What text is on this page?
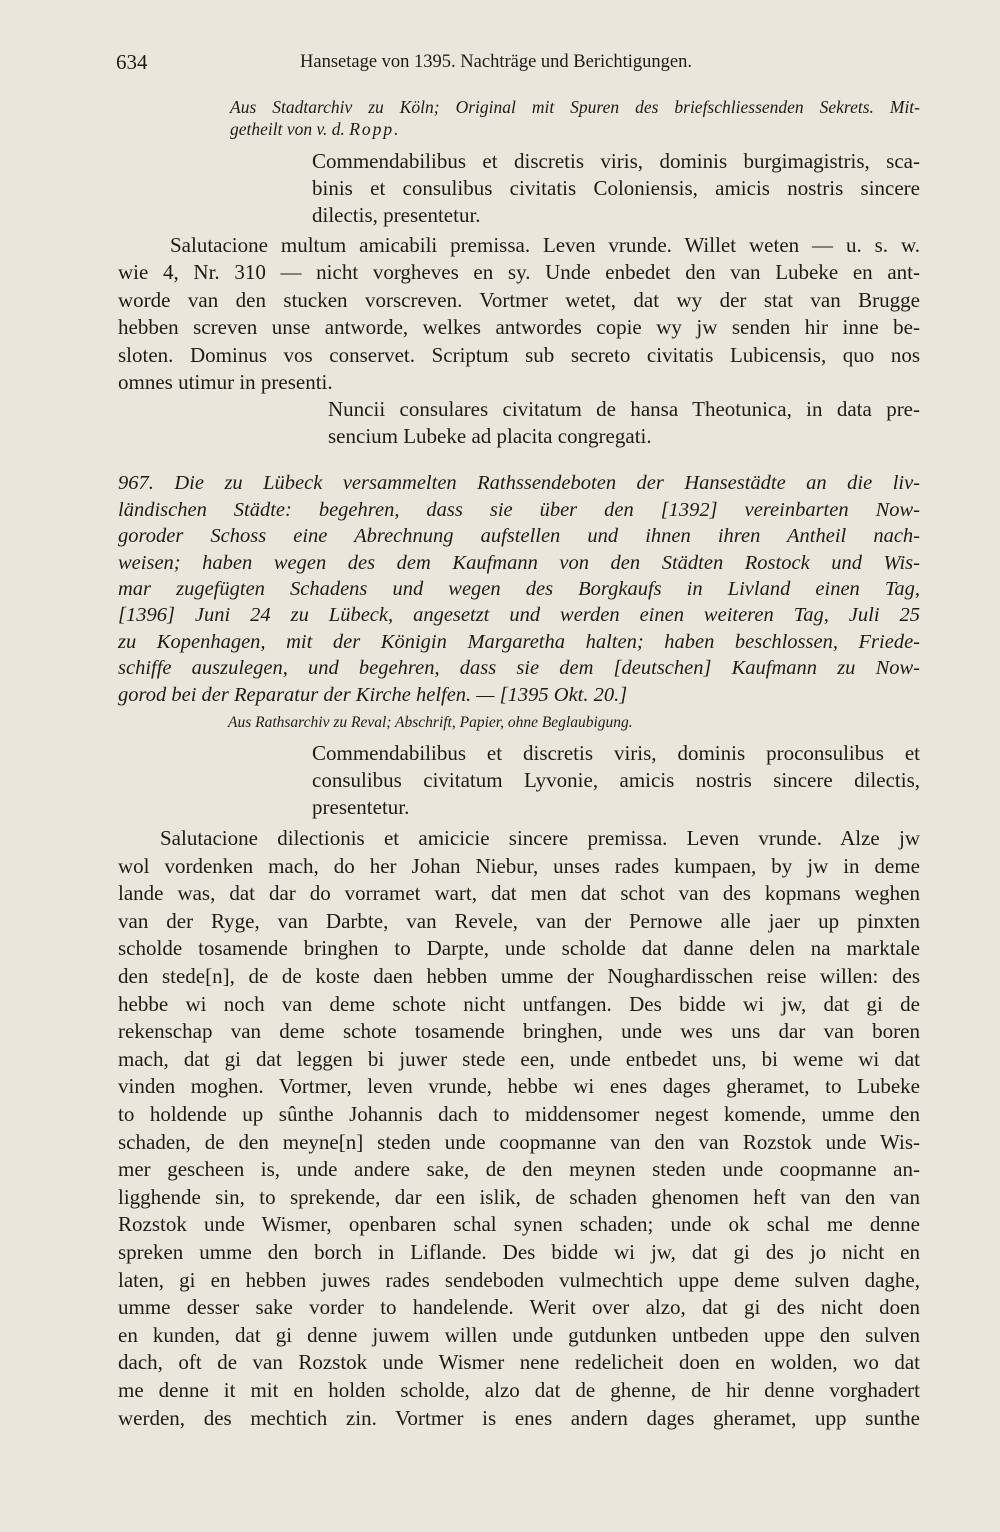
634	Hansetage von 1395. Nachträge und Berichtigungen.

Aus Stadtarchiv zu Köln; Original mit Spuren des briefschliessenden Sekrets. Mit-

getheilt von v. d. Ropp.

Commendabilibus et discretis viris, dominis burgimagistris, sca-

binis et consulibus civitatis Coloniensis, amicis nostris sincere

dilectis, presentetur.

Salutacione multum amicabili premissa. Leven vrunde. Willet weten — u. s. w.

wie 4, Nr. 310 — nicht vorgheves en sy. Unde enbedet den van Lubeke en ant-

worde van den stucken vorscreven. Vortmer wetet, dat wy der stat van Brugge

hebben screven unse antworde, welkes antwordes copie wy jw senden hir inne be-

sloten. Dominus vos conservet. Scriptum sub secreto civitatis Lubicensis, quo nos

omnes utimur in presenti.

Nuncii consulares civitatum de hansa Theotunica, in data pre-

sencium Lubeke ad placita congregati.

967. Die zu Lübeck versammelten Rathssendeboten der Hansestädte an die liv-

ländischen Städte: begehren, dass sie über den [1392] vereinbarten Now-

goroder Schoss eine Abrechnung aufstellen und ihnen ihren Antheil nach-

weisen; haben wegen des dem Kaufmann von den Städten Rostock und Wis-

mar zugefügten Schadens und wegen des Borgkaufs in Livland einen Tag,

[1396] Juni 24 zu Lübeck, angesetzt und werden einen weiteren Tag, Juli 25

zu Kopenhagen, mit der Königin Margaretha halten; haben beschlossen, Friede-

schiffe auszulegen, und begehren, dass sie dem [deutschen] Kaufmann zu Now-

gorod bei der Reparatur der Kirche helfen. — [1395 Okt. 20.]

Aus Rathsarchiv zu Reval; Abschrift, Papier, ohne Beglaubigung.

Commendabilibus et discretis viris, dominis proconsulibus et

consulibus civitatum Lyvonie, amicis nostris sincere dilectis,

presentetur.

Salutacione dilectionis et amicicie sincere premissa. Leven vrunde. Alze jw

wol vordenken mach, do her Johan Niebur, unses rades kumpaen, by jw in deme

lande was, dat dar do vorramet wart, dat men dat schot van des kopmans weghen

van der Ryge, van Darbte, van Revele, van der Pernowe alle jaer up pinxten

scholde tosamende bringhen to Darpte, unde scholde dat danne delen na marktale

den stede[n], de de koste daen hebben umme der Noughardisschen reise willen: des

hebbe wi noch van deme schote nicht untfangen. Des bidde wi jw, dat gi de

rekenschap van deme schote tosamende bringhen, unde wes uns dar van boren

mach, dat gi dat leggen bi juwer stede een, unde entbedet uns, bi weme wi dat

vinden moghen. Vortmer, leven vrunde, hebbe wi enes dages gheramet, to Lubeke

to holdende up sûnthe Johannis dach to middensomer negest komende, umme den

schaden, de den meyne[n] steden unde coopmanne van den van Rozstok unde Wis-

mer gescheen is, unde andere sake, de den meynen steden unde coopmanne an-

ligghende sin, to sprekende, dar een islik, de schaden ghenomen heft van den van

Rozstok unde Wismer, openbaren schal synen schaden; unde ok schal me denne

spreken umme den borch in Liflande. Des bidde wi jw, dat gi des jo nicht en

laten, gi en hebben juwes rades sendeboden vulmechtich uppe deme sulven daghe,

umme desser sake vorder to handelende. Werit over alzo, dat gi des nicht doen

en kunden, dat gi denne juwem willen unde gutdunken untbeden uppe den sulven

dach, oft de van Rozstok unde Wismer nene redelicheit doen en wolden, wo dat

me denne it mit en holden scholde, alzo dat de ghenne, de hir denne vorghadert

werden, des mechtich zin. Vortmer is enes andern dages gheramet, upp sunthe
